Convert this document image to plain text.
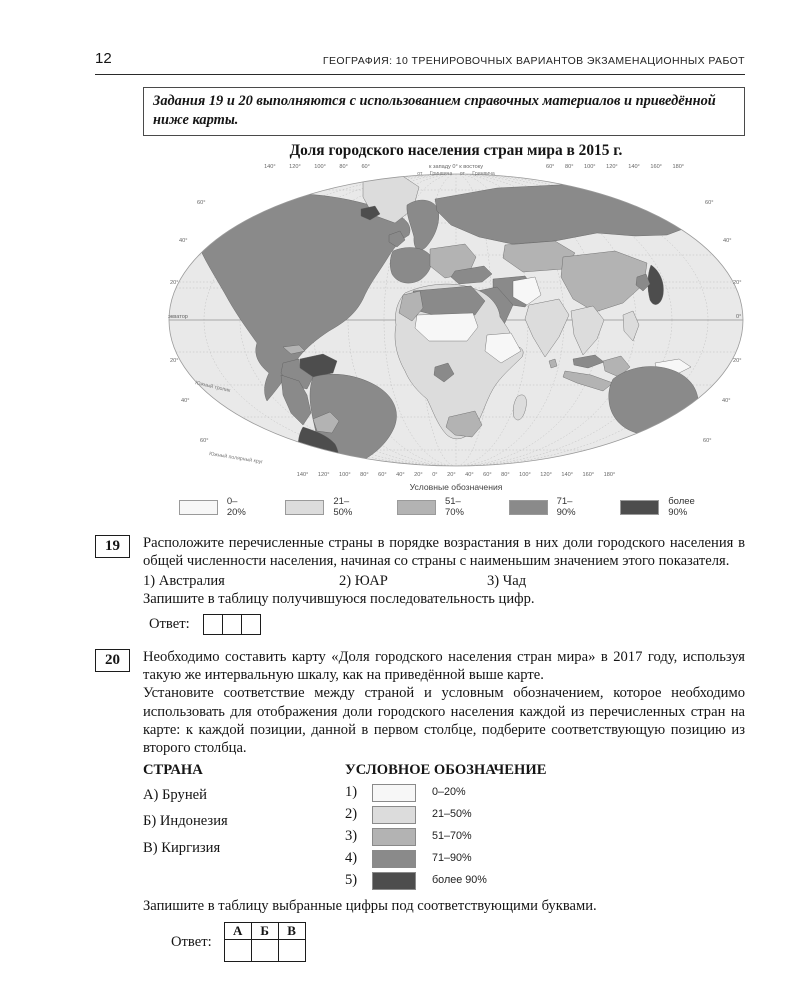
12	ГЕОГРАФИЯ: 10 ТРЕНИРОВОЧНЫХ ВАРИАНТОВ ЭКЗАМЕНАЦИОННЫХ РАБОТ

Задания 19 и 20 выполняются с использованием справочных материалов и приведённой ниже карты.

Доля городского населения стран мира в 2015 г.
140° 120° 100° 80° 60°	к западу 0° к востоку
от Гринвича от Гринвича
60° 80° 100° 120° 140° 160° 180°
140° 120° 100° 80° 60° 40° 20° 0° 20° 40° 60° 80° 100° 120° 140° 160° 180°
60°
40°
20°
экватор
20°
40°
60°
60°
40°
20°
0°
20°
40°
60°
Южный тропик
Южный полярный круг
Условные обозначения
0–20%
21–50%
51–70%
71–90%
более 90%
19	Расположите перечисленные страны в порядке возрастания в них доли городского населения в общей численности населения, начиная со страны с наименьшим значением этого показателя.

1) Австралия	2) ЮАР	3) Чад

Запишите в таблицу получившуюся последовательность цифр.

Ответ:

20	Необходимо составить карту «Доля городского населения стран мира» в 2017 году, используя такую же интервальную шкалу, как на приведённой выше карте.

Установите соответствие между страной и условным обозначением, которое необходимо использовать для отображения доли городского населения каждой из перечисленных стран на карте: к каждой позиции, данной в первом столбце, подберите соответствующую позицию из второго столбца.

СТРАНА
А) Бруней
Б) Индонезия
В) Киргизия
УСЛОВНОЕ ОБОЗНАЧЕНИЕ
1)	0–20%
2)	21–50%
3)	51–70%
4)	71–90%
5)	более 90%

Запишите в таблицу выбранные цифры под соответствующими буквами.

Ответ:
А	Б	В
